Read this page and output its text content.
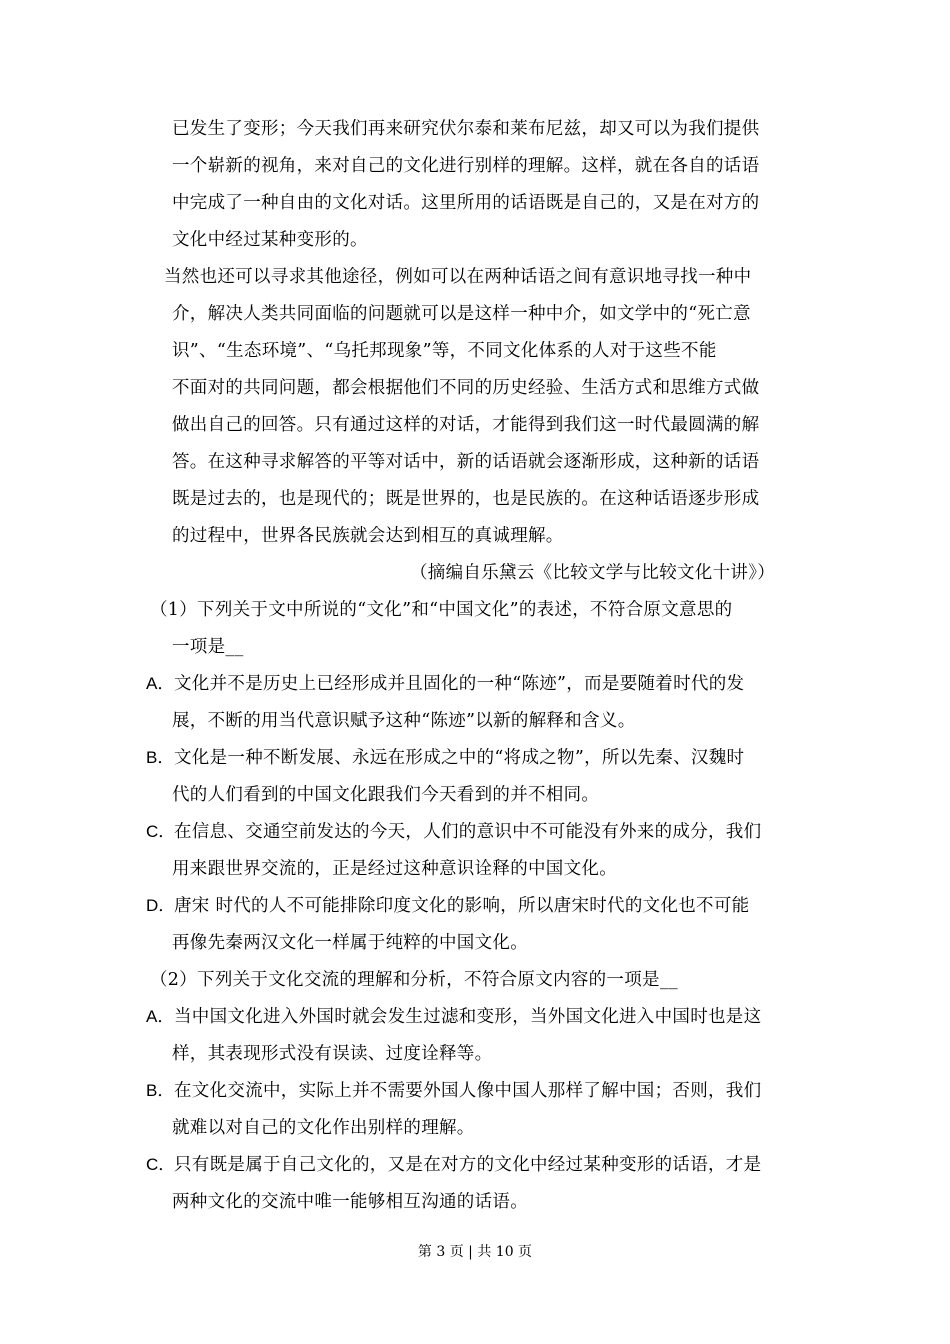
已发生了变形；今天我们再来研究伏尔泰和莱布尼兹，却又可以为我们提供
一个崭新的视角，来对自己的文化进行别样的理解。这样，就在各自的话语
中完成了一种自由的文化对话。这里所用的话语既是自己的，又是在对方的
文化中经过某种变形的。
当然也还可以寻求其他途径，例如可以在两种话语之间有意识地寻找一种中
介，解决人类共同面临的问题就可以是这样一种中介，如文学中的“死亡意
识”、“生态环境”、“乌托邦现象”等，不同文化体系的人对于这些不能
不面对的共同问题，都会根据他们不同的历史经验、生活方式和思维方式做
做出自己的回答。只有通过这样的对话，才能得到我们这一时代最圆满的解
答。在这种寻求解答的平等对话中，新的话语就会逐渐形成，这种新的话语
既是过去的，也是现代的；既是世界的，也是民族的。在这种话语逐步形成
的过程中，世界各民族就会达到相互的真诚理解。
（摘编自乐黛云《比较文学与比较文化十讲》）
（1）下列关于文中所说的“文化”和“中国文化”的表述，不符合原文意思的
一项是__
A． 文化并不是历史上已经形成并且固化的一种“陈迹”，而是要随着时代的发
展，不断的用当代意识赋予这种“陈迹”以新的解释和含义。
B． 文化是一种不断发展、永远在形成之中的“将成之物”，所以先秦、汉魏时
代的人们看到的中国文化跟我们今天看到的并不相同。
C．
在信息、交通空前发达的今天，人们的意识中不可能没有外来的成分，我们
用来跟世界交流的，正是经过这种意识诠释的中国文化。
D．
唐宋 时代的人不可能排除印度文化的影响，所以唐宋时代的文化也不可能
再像先秦两汉文化一样属于纯粹的中国文化。
（2）下列关于文化交流的理解和分析，不符合原文内容的一项是__
A． 当中国文化进入外国时就会发生过滤和变形，当外国文化进入中国时也是这
样，其表现形式没有误读、过度诠释等。
B． 在文化交流中，实际上并不需要外国人像中国人那样了解中国；否则，我们
就难以对自己的文化作出别样的理解。
C．
只有既是属于自己文化的，又是在对方的文化中经过某种变形的话语，才是
两种文化的交流中唯一能够相互沟通的话语。
第 3 页 | 共 10 页
